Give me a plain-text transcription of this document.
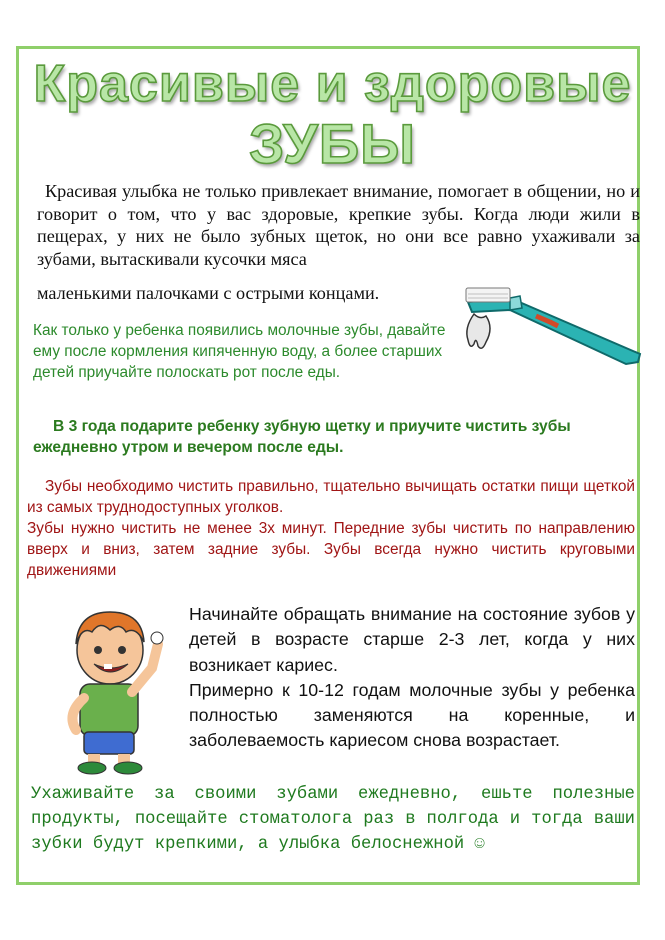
Красивые и здоровые
ЗУБЫ

Красивая улыбка не только привлекает внимание, помогает в общении, но и говорит о том, что у вас здоровые, крепкие зубы. Когда люди жили в пещерах, у них не было зубных щеток, но они все равно ухаживали за зубами, вытаскивали кусочки мяса

маленькими палочками с острыми концами.

Как только у ребенка появились молочные зубы, давайте ему после кормления кипяченную воду, а более старших детей приучайте полоскать рот после еды.

В 3 года подарите ребенку зубную щетку и приучите чистить зубы ежедневно утром и вечером после еды.

Зубы необходимо чистить правильно, тщательно вычищать остатки пищи щеткой из самых труднодоступных уголков.
Зубы нужно чистить не менее 3х минут. Передние зубы чистить по направлению вверх и вниз, затем задние зубы. Зубы всегда нужно чистить круговыми движениями
Начинайте обращать внимание на состояние зубов у детей в возрасте старше 2-3 лет, когда у них возникает кариес.
Примерно к 10-12 годам молочные зубы у ребенка полностью заменяются на коренные, и заболеваемость кариесом снова возрастает.

Ухаживайте за своими зубами ежедневно, ешьте полезные продукты, посещайте стоматолога раз в полгода и тогда ваши зубки будут крепкими, а улыбка белоснежной ☺
